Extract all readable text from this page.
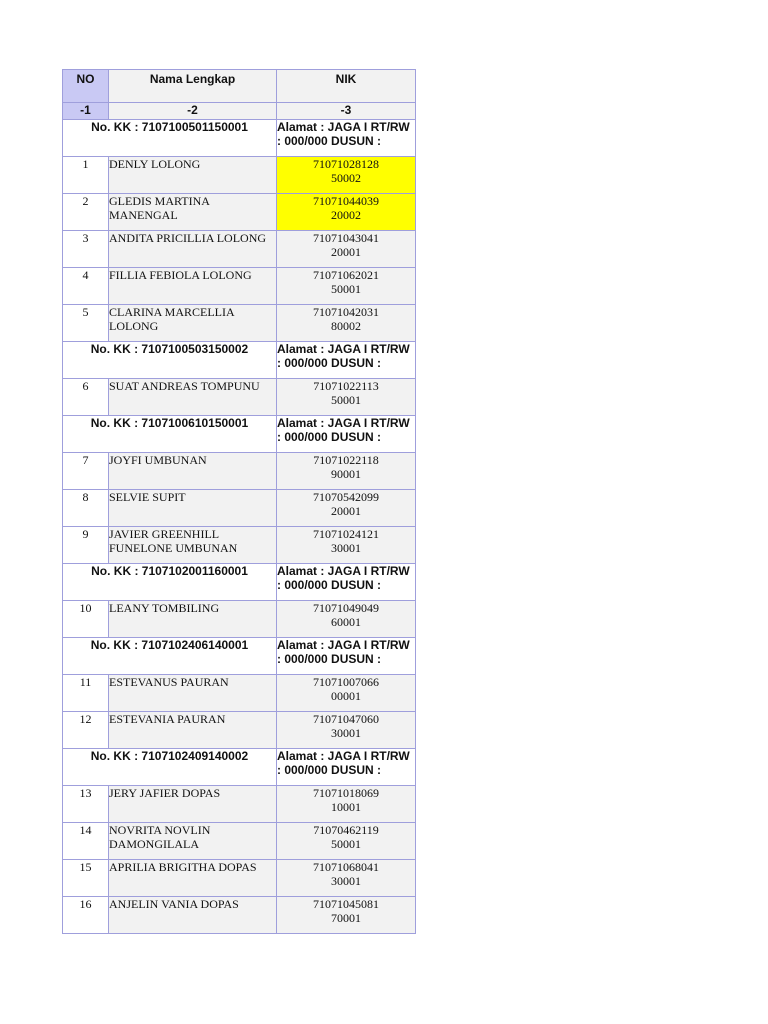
NO	Nama Lengkap	NIK
-1	-2	-3

No. KK : 7107100501150001		Alamat : JAGA I RT/RW : 000/000 DUSUN :

1	DENLY LOLONG	71071028128
50002

2	GLEDIS MARTINA MANENGAL	71071044039
20002

3	ANDITA PRICILLIA LOLONG	71071043041
20001

4	FILLIA FEBIOLA LOLONG	71071062021
50001

5	CLARINA MARCELLIA LOLONG	71071042031
80002

No. KK : 7107100503150002		Alamat : JAGA I RT/RW : 000/000 DUSUN :

6	SUAT ANDREAS TOMPUNU	71071022113
50001

No. KK : 7107100610150001		Alamat : JAGA I RT/RW : 000/000 DUSUN :

7	JOYFI UMBUNAN	71071022118
90001

8	SELVIE SUPIT	71070542099
20001

9	JAVIER GREENHILL FUNELONE UMBUNAN	71071024121
30001

No. KK : 7107102001160001		Alamat : JAGA I RT/RW : 000/000 DUSUN :

10	LEANY TOMBILING	71071049049
60001

No. KK : 7107102406140001		Alamat : JAGA I RT/RW : 000/000 DUSUN :

11	ESTEVANUS PAURAN	71071007066
00001

12	ESTEVANIA PAURAN	71071047060
30001

No. KK : 7107102409140002		Alamat : JAGA I RT/RW : 000/000 DUSUN :

13	JERY JAFIER DOPAS	71071018069
10001

14	NOVRITA NOVLIN DAMONGILALA	71070462119
50001

15	APRILIA BRIGITHA DOPAS	71071068041
30001

16	ANJELIN VANIA DOPAS	71071045081
70001
